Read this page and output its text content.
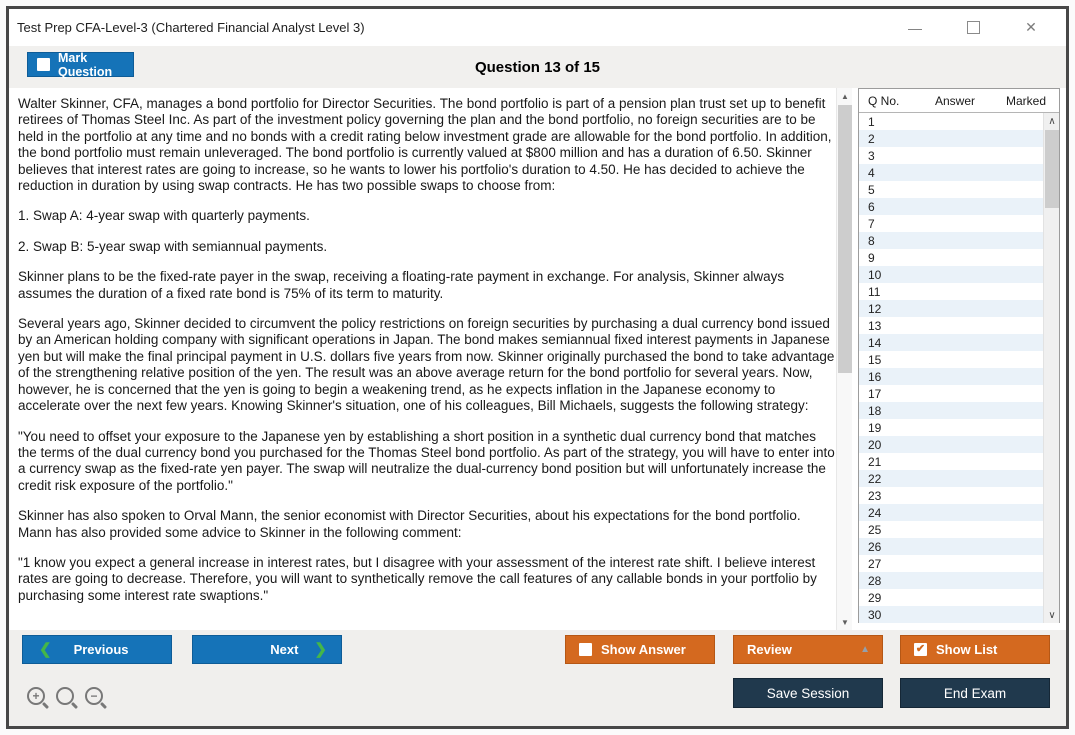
Test Prep CFA-Level-3 (Chartered Financial Analyst Level 3)	—	✕
Question 13 of 15
Mark Question

Walter Skinner, CFA, manages a bond portfolio for Director Securities. The bond portfolio is part of a pension plan trust set up to benefit retirees of Thomas Steel Inc. As part of the investment policy governing the plan and the bond portfolio, no foreign securities are to be held in the portfolio at any time and no bonds with a credit rating below investment grade are allowable for the bond portfolio. In addition, the bond portfolio must remain unleveraged. The bond portfolio is currently valued at $800 million and has a duration of 6.50. Skinner believes that interest rates are going to increase, so he wants to lower his portfolio's duration to 4.50. He has decided to achieve the reduction in duration by using swap contracts. He has two possible swaps to choose from:

1. Swap A: 4-year swap with quarterly payments.

2. Swap B: 5-year swap with semiannual payments.

Skinner plans to be the fixed-rate payer in the swap, receiving a floating-rate payment in exchange. For analysis, Skinner always assumes the duration of a fixed rate bond is 75% of its term to maturity.

Several years ago, Skinner decided to circumvent the policy restrictions on foreign securities by purchasing a dual currency bond issued by an American holding company with significant operations in Japan. The bond makes semiannual fixed interest payments in Japanese yen but will make the final principal payment in U.S. dollars five years from now. Skinner originally purchased the bond to take advantage of the strengthening relative position of the yen. The result was an above average return for the bond portfolio for several years. Now, however, he is concerned that the yen is going to begin a weakening trend, as he expects inflation in the Japanese economy to accelerate over the next few years. Knowing Skinner's situation, one of his colleagues, Bill Michaels, suggests the following strategy:

"You need to offset your exposure to the Japanese yen by establishing a short position in a synthetic dual currency bond that matches the terms of the dual currency bond you purchased for the Thomas Steel bond portfolio. As part of the strategy, you will have to enter into a currency swap as the fixed-rate yen payer. The swap will neutralize the dual-currency bond position but will unfortunately increase the credit risk exposure of the portfolio."

Skinner has also spoken to Orval Mann, the senior economist with Director Securities, about his expectations for the bond portfolio. Mann has also provided some advice to Skinner in the following comment:

"1 know you expect a general increase in interest rates, but I disagree with your assessment of the interest rate shift. I believe interest rates are going to decrease. Therefore, you will want to synthetically remove the call features of any callable bonds in your portfolio by purchasing some interest rate swaptions."

▲
▼
Q No.	Answer	Marked
1
2
3
4
5
6
7
8
9
10
11
12
13
14
15
16
17
18
19
20
21
22
23
24
25
26
27
28
29
30
∧
∨
❮ Previous	Next ❯	Show Answer	Review	▲	✔ Show List
Save Session	End Exam
+	−
